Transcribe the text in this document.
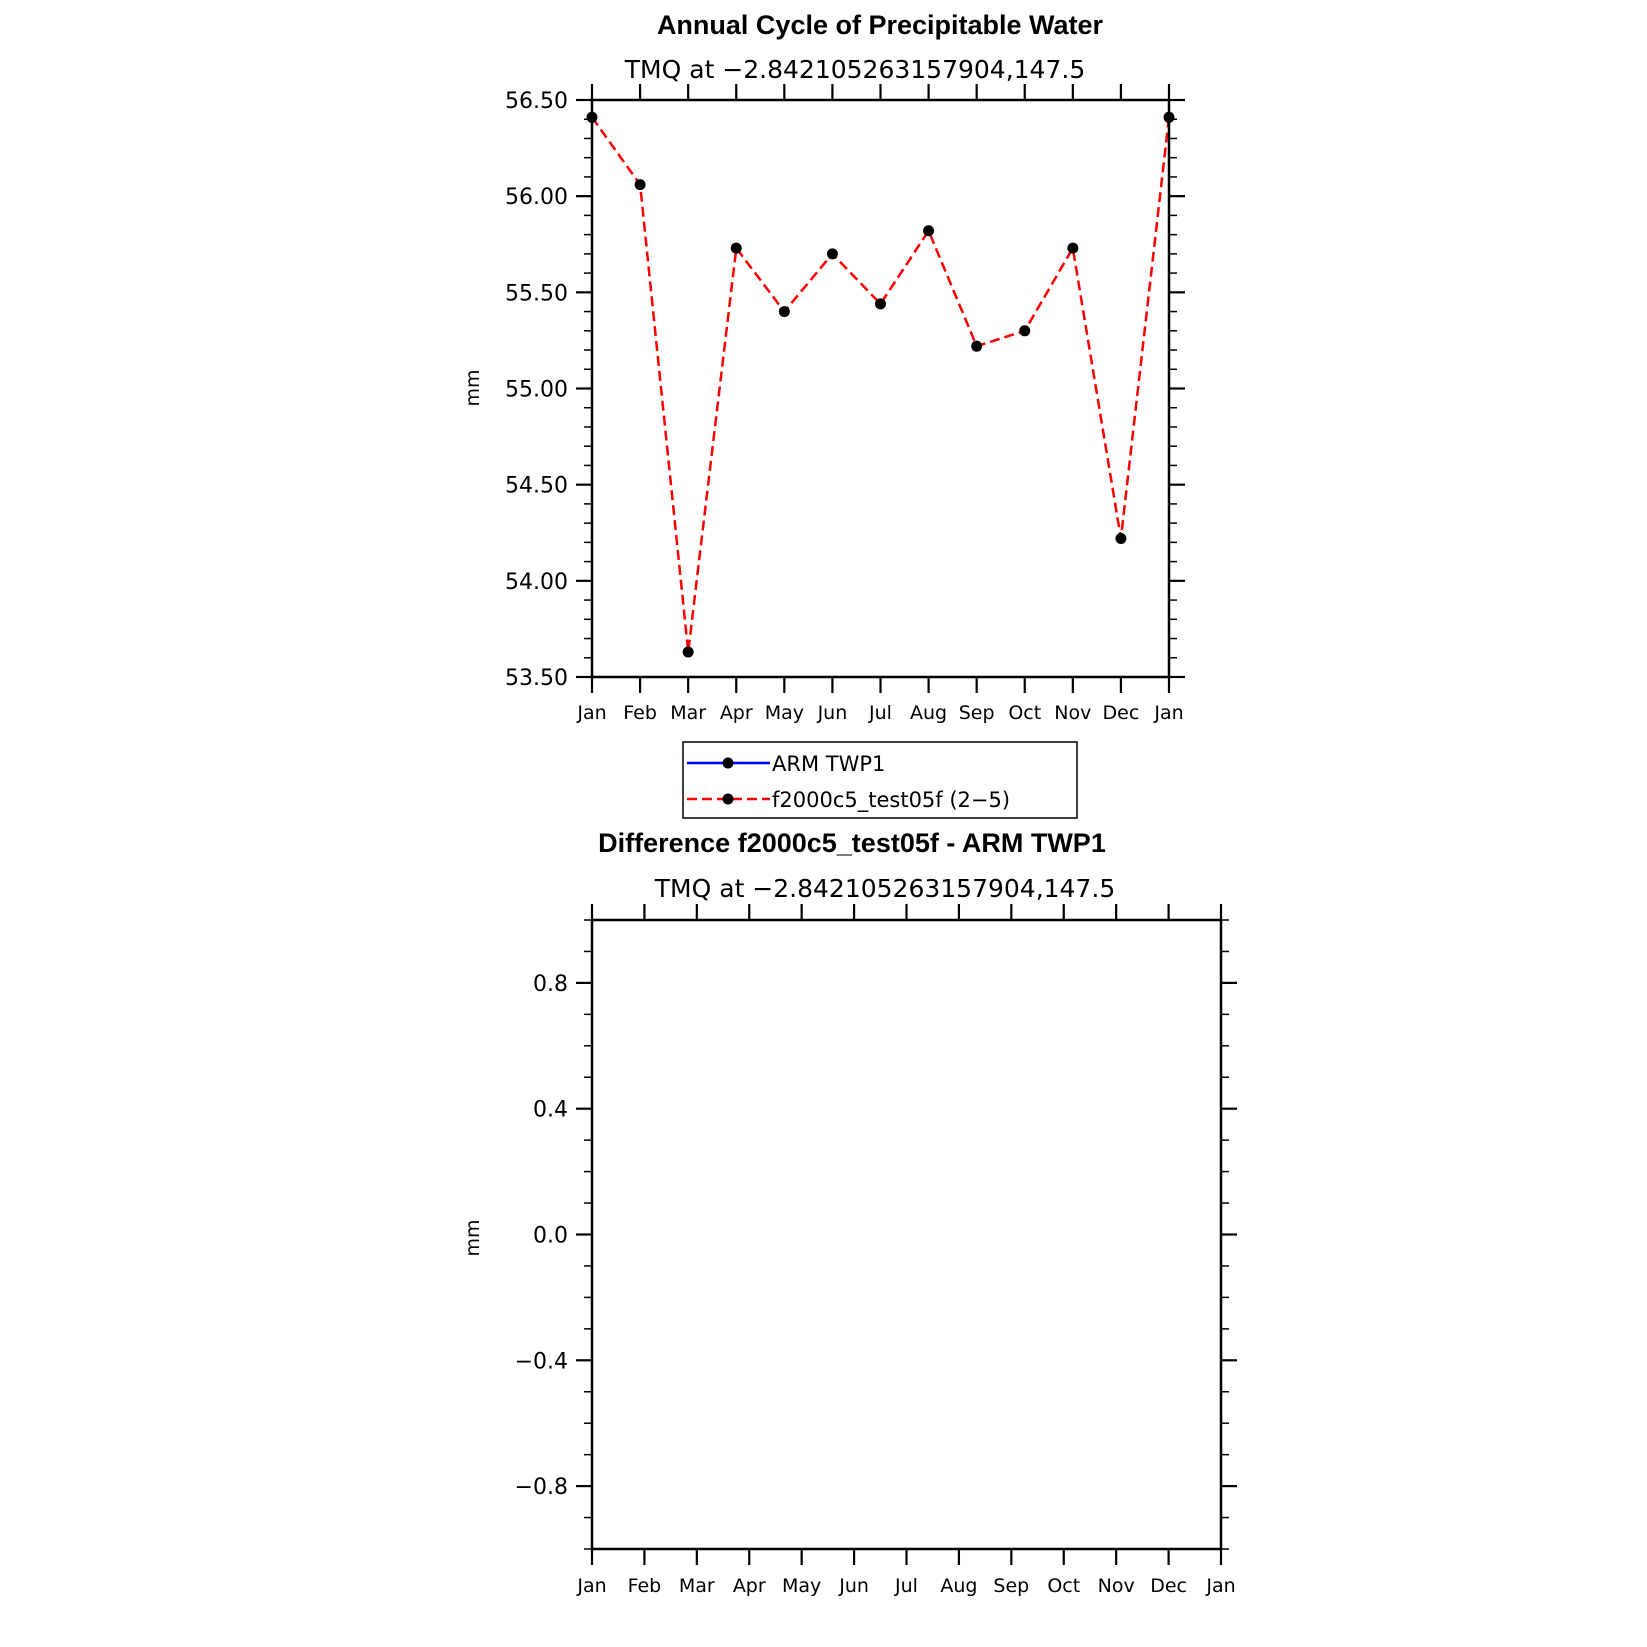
Annual Cycle of Precipitable Water
TMQ at −2.842105263157904,147.5
mm
53.50
54.00
54.50
55.00
55.50
56.00
56.50
Jan Feb Mar Apr May Jun Jul Aug Sep Oct Nov Dec Jan
ARM TWP1
f2000c5_test05f (2−5)
Difference f2000c5_test05f - ARM TWP1
TMQ at −2.842105263157904,147.5
mm
−0.8
−0.4
0.0
0.4
0.8
Jan Feb Mar Apr May Jun Jul Aug Sep Oct Nov Dec Jan
